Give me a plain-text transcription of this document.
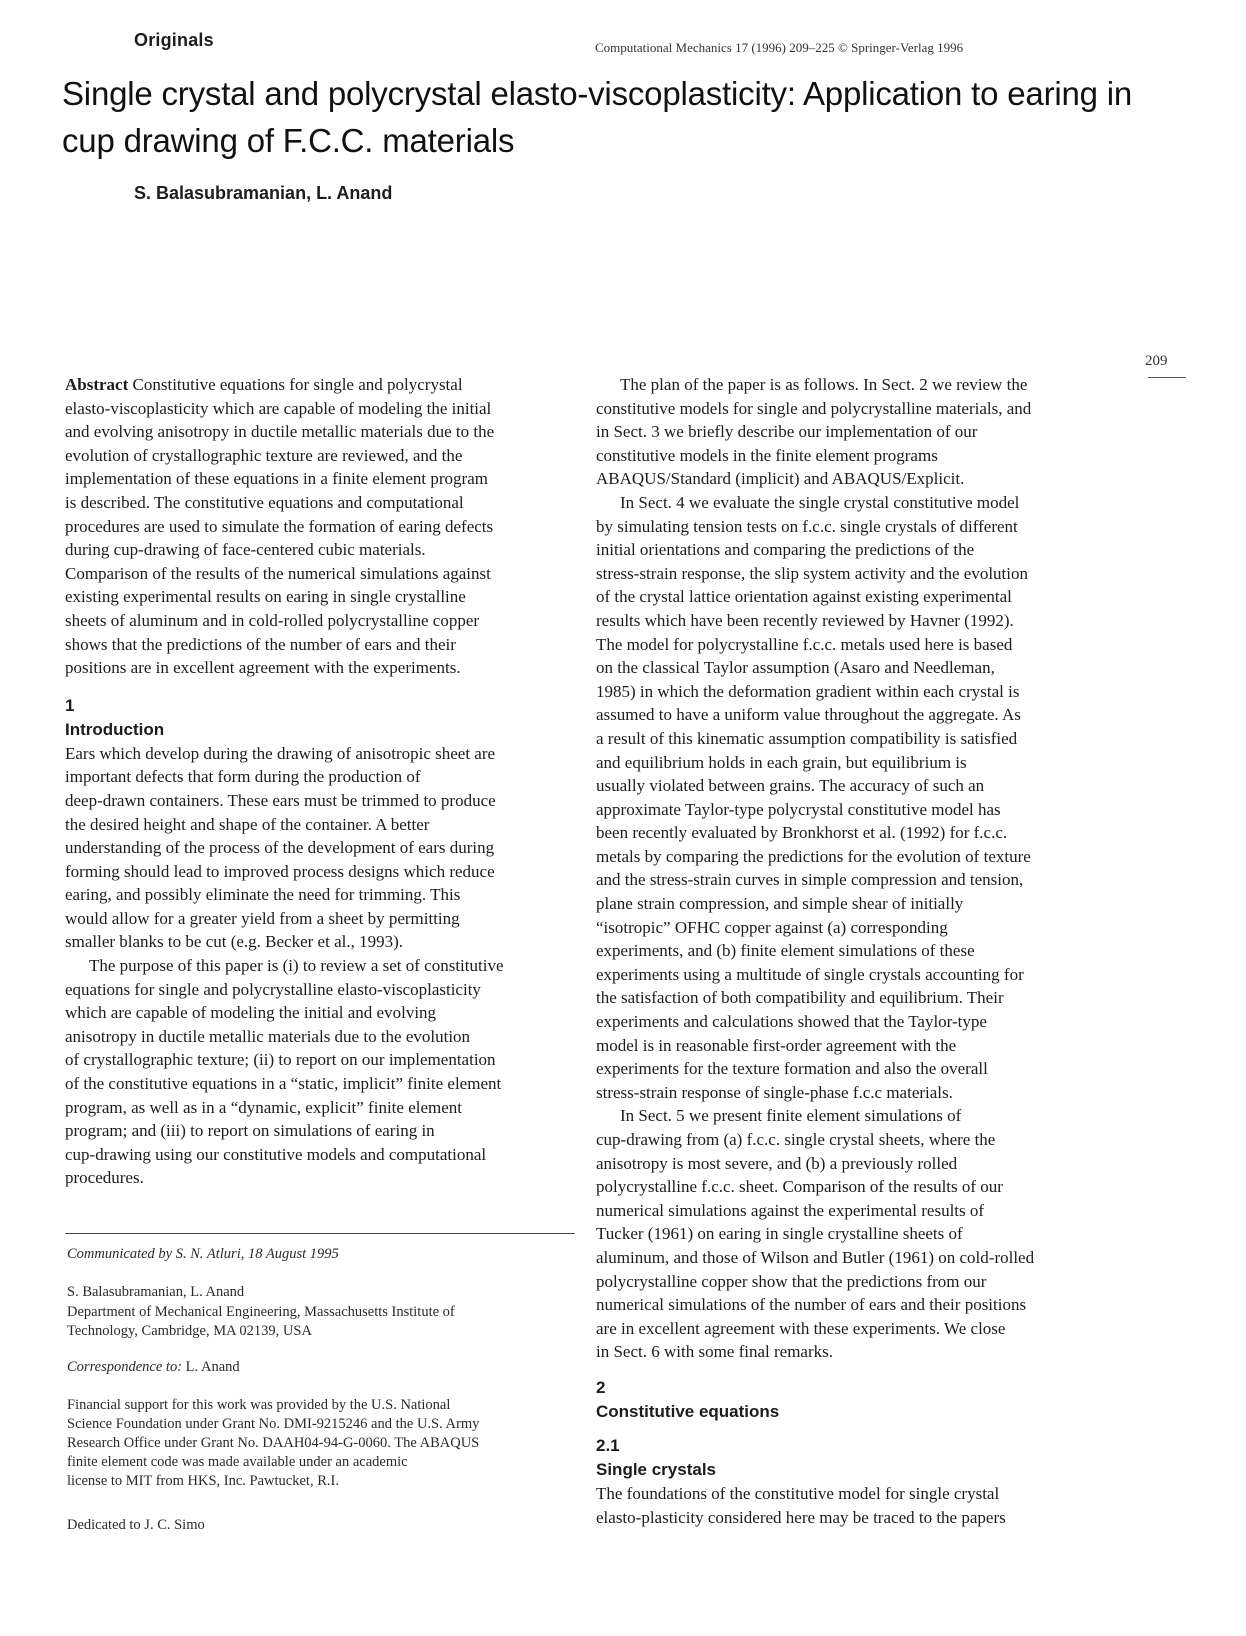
Originals	Computational Mechanics 17 (1996) 209–225 © Springer-Verlag 1996
Single crystal and polycrystal elasto-viscoplasticity: Application to earing in
cup drawing of F.C.C. materials
S. Balasubramanian, L. Anand
209

Abstract Constitutive equations for single and polycrystal
elasto-viscoplasticity which are capable of modeling the initial
and evolving anisotropy in ductile metallic materials due to the
evolution of crystallographic texture are reviewed, and the
implementation of these equations in a finite element program
is described. The constitutive equations and computational
procedures are used to simulate the formation of earing defects
during cup-drawing of face-centered cubic materials.
Comparison of the results of the numerical simulations against
existing experimental results on earing in single crystalline
sheets of aluminum and in cold-rolled polycrystalline copper
shows that the predictions of the number of ears and their
positions are in excellent agreement with the experiments.

1
Introduction

Ears which develop during the drawing of anisotropic sheet are
important defects that form during the production of
deep-drawn containers. These ears must be trimmed to produce
the desired height and shape of the container. A better
understanding of the process of the development of ears during
forming should lead to improved process designs which reduce
earing, and possibly eliminate the need for trimming. This
would allow for a greater yield from a sheet by permitting
smaller blanks to be cut (e.g. Becker et al., 1993).

The purpose of this paper is (i) to review a set of constitutive
equations for single and polycrystalline elasto-viscoplasticity
which are capable of modeling the initial and evolving
anisotropy in ductile metallic materials due to the evolution
of crystallographic texture; (ii) to report on our implementation
of the constitutive equations in a “static, implicit” finite element
program, as well as in a “dynamic, explicit” finite element
program; and (iii) to report on simulations of earing in
cup-drawing using our constitutive models and computational
procedures.

Communicated by S. N. Atluri, 18 August 1995
S. Balasubramanian, L. Anand
Department of Mechanical Engineering, Massachusetts Institute of
Technology, Cambridge, MA 02139, USA
Correspondence to: L. Anand
Financial support for this work was provided by the U.S. National
Science Foundation under Grant No. DMI-9215246 and the U.S. Army
Research Office under Grant No. DAAH04-94-G-0060. The ABAQUS
finite element code was made available under an academic
license to MIT from HKS, Inc. Pawtucket, R.I.
Dedicated to J. C. Simo

The plan of the paper is as follows. In Sect. 2 we review the
constitutive models for single and polycrystalline materials, and
in Sect. 3 we briefly describe our implementation of our
constitutive models in the finite element programs
ABAQUS/Standard (implicit) and ABAQUS/Explicit.

In Sect. 4 we evaluate the single crystal constitutive model
by simulating tension tests on f.c.c. single crystals of different
initial orientations and comparing the predictions of the
stress-strain response, the slip system activity and the evolution
of the crystal lattice orientation against existing experimental
results which have been recently reviewed by Havner (1992).
The model for polycrystalline f.c.c. metals used here is based
on the classical Taylor assumption (Asaro and Needleman,
1985) in which the deformation gradient within each crystal is
assumed to have a uniform value throughout the aggregate. As
a result of this kinematic assumption compatibility is satisfied
and equilibrium holds in each grain, but equilibrium is
usually violated between grains. The accuracy of such an
approximate Taylor-type polycrystal constitutive model has
been recently evaluated by Bronkhorst et al. (1992) for f.c.c.
metals by comparing the predictions for the evolution of texture
and the stress-strain curves in simple compression and tension,
plane strain compression, and simple shear of initially
“isotropic” OFHC copper against (a) corresponding
experiments, and (b) finite element simulations of these
experiments using a multitude of single crystals accounting for
the satisfaction of both compatibility and equilibrium. Their
experiments and calculations showed that the Taylor-type
model is in reasonable first-order agreement with the
experiments for the texture formation and also the overall
stress-strain response of single-phase f.c.c materials.

In Sect. 5 we present finite element simulations of
cup-drawing from (a) f.c.c. single crystal sheets, where the
anisotropy is most severe, and (b) a previously rolled
polycrystalline f.c.c. sheet. Comparison of the results of our
numerical simulations against the experimental results of
Tucker (1961) on earing in single crystalline sheets of
aluminum, and those of Wilson and Butler (1961) on cold-rolled
polycrystalline copper show that the predictions from our
numerical simulations of the number of ears and their positions
are in excellent agreement with these experiments. We close
in Sect. 6 with some final remarks.

2
Constitutive equations
2.1
Single crystals

The foundations of the constitutive model for single crystal
elasto-plasticity considered here may be traced to the papers
